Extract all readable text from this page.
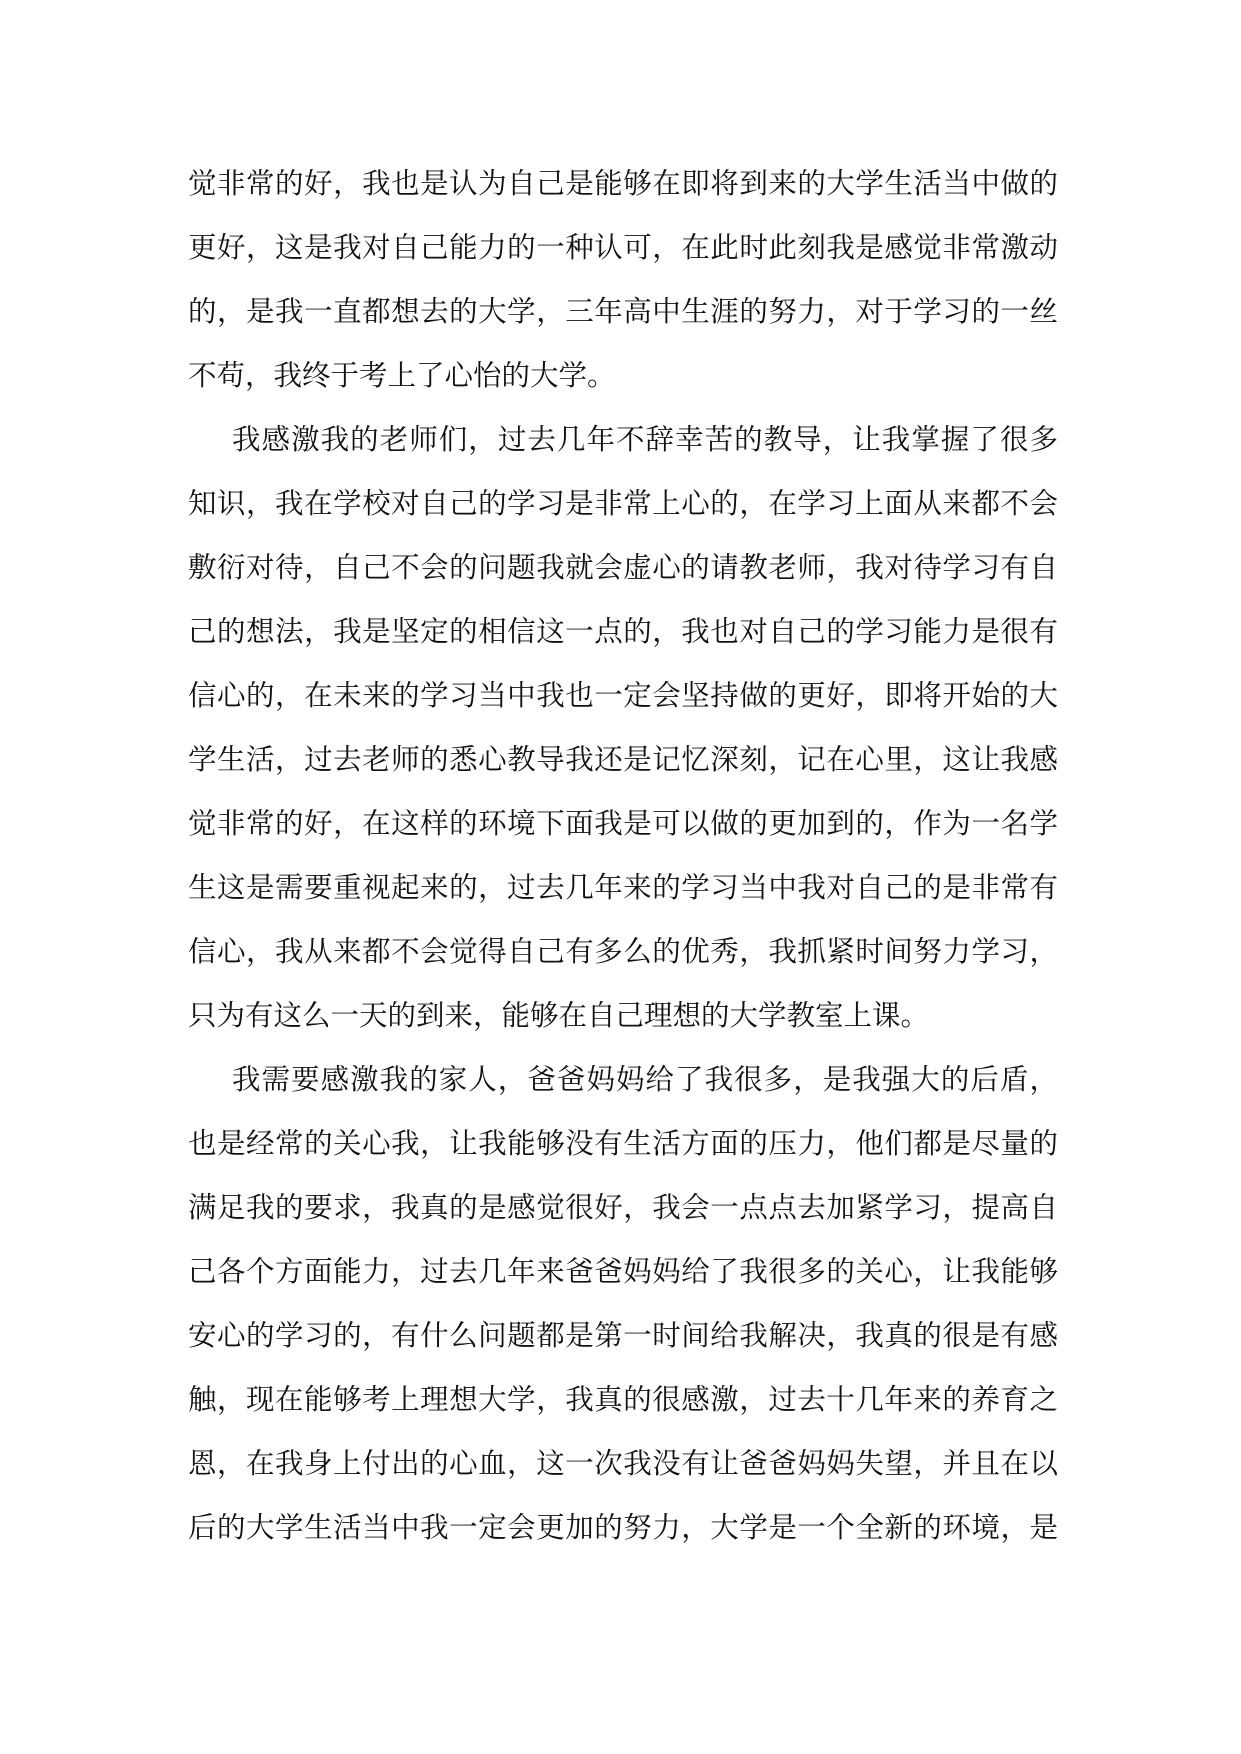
觉非常的好，我也是认为自己是能够在即将到来的大学生活当中做的
更好，这是我对自己能力的一种认可，在此时此刻我是感觉非常激动
的，是我一直都想去的大学，三年高中生涯的努力，对于学习的一丝
不苟，我终于考上了心怡的大学。
我感激我的老师们，过去几年不辞幸苦的教导，让我掌握了很多
知识，我在学校对自己的学习是非常上心的，在学习上面从来都不会
敷衍对待，自己不会的问题我就会虚心的请教老师，我对待学习有自
己的想法，我是坚定的相信这一点的，我也对自己的学习能力是很有
信心的，在未来的学习当中我也一定会坚持做的更好，即将开始的大
学生活，过去老师的悉心教导我还是记忆深刻，记在心里，这让我感
觉非常的好，在这样的环境下面我是可以做的更加到的，作为一名学
生这是需要重视起来的，过去几年来的学习当中我对自己的是非常有
信心，我从来都不会觉得自己有多么的优秀，我抓紧时间努力学习，
只为有这么一天的到来，能够在自己理想的大学教室上课。
我需要感激我的家人，爸爸妈妈给了我很多，是我强大的后盾，
也是经常的关心我，让我能够没有生活方面的压力，他们都是尽量的
满足我的要求，我真的是感觉很好，我会一点点去加紧学习，提高自
己各个方面能力，过去几年来爸爸妈妈给了我很多的关心，让我能够
安心的学习的，有什么问题都是第一时间给我解决，我真的很是有感
触，现在能够考上理想大学，我真的很感激，过去十几年来的养育之
恩，在我身上付出的心血，这一次我没有让爸爸妈妈失望，并且在以
后的大学生活当中我一定会更加的努力，大学是一个全新的环境，是
